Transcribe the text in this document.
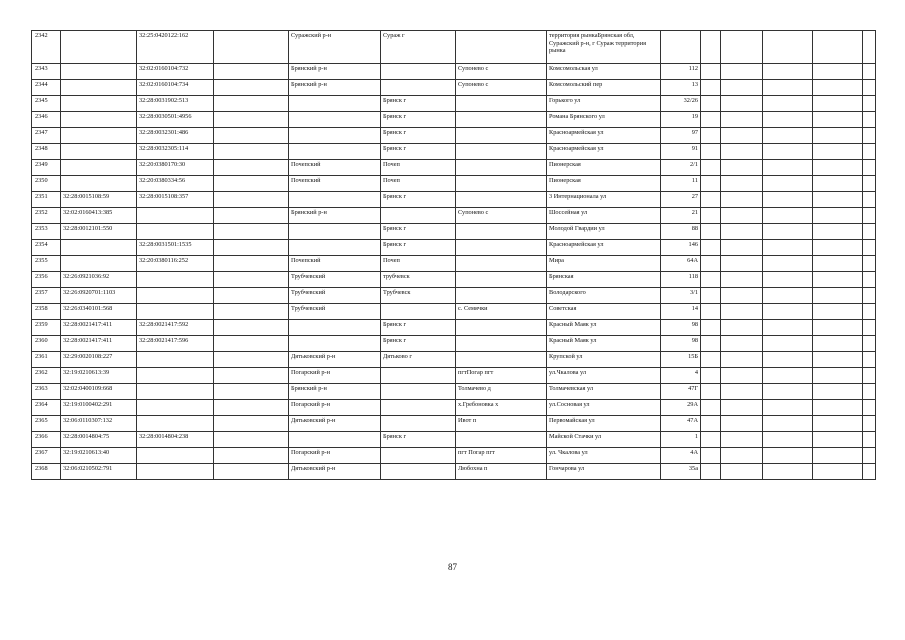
2342		32:25:0420122:162		Суражский р-н	Сураж г		территория рынкаБрянская обл, Суражский р-н, г Сураж территория рынка						
2343		32:02:0160104:732		Брянский р-н		Супонево с	Комсомольская ул	112					
2344		32:02:0160104:734		Брянский р-н		Супонево с	Комсомольский пер	13					
2345		32:28:0031902:513			Брянск г		Горького ул	32/26					
2346		32:28:0030501:4956			Брянск г		Романа Брянского ул	19					
2347		32:28:0032301:486			Брянск г		Красноармейская ул	97					
2348		32:28:0032305:114			Брянск г		Красноармейская ул	91					
2349		32:20:0380170:30		Почепский	Почеп		Пионерская	2/1					
2350		32:20:0380334:56		Почепский	Почеп		Пионерская	11					
2351	32:28:0015108:59	32:28:0015108:357			Брянск г		3 Интернационала ул	27					
2352	32:02:0160413:385			Брянский р-н		Супонево с	Шоссейная ул	21					
2353	32:28:0012101:550				Брянск г		Молодой Гвардии ул	88					
2354		32:28:0031501:1535			Брянск г		Красноармейская ул	146					
2355		32:20:0380116:252		Почепский	Почеп		Мира	64А					
2356	32:26:0921036:92			Трубчевский	трубчевск		Брянская	118					
2357	32:26:0920701:1103			Трубчевский	Трубчевск		Володарского	3/1					
2358	32:26:0340101:568			Трубчевский		с. Семячки	Советская	14					
2359	32:28:0021417:411	32:28:0021417:592			Брянск г		Красный Маяк ул	98					
2360	32:28:0021417:411	32:28:0021417:596			Брянск г		Красный Маяк ул	98					
2361	32:29:0020108:227			Дятьковский р-н	Дятьково г		Крупской ул	15Б					
2362	32:19:0210613:39			Погарский р-н		пгтПогар пгт	ул.Чкалова ул	4					
2363	32:02:0400109:668			Брянский р-н		Толмачево д	Толмачевская ул	47Г					
2364	32:19:0100402:291			Погарский р-н		х.Гребоновка х	ул.Сосновая ул	29А					
2365	32:06:0110307:132			Дятьковский р-н		Ивот п	Первомайская ул	47А					
2366	32:28:0014804:75	32:28:0014804:238			Брянск г		Майской Стачки ул	1					
2367	32:19:0210613:40			Погарский р-н		пгт Погар пгт	ул. Чкалова ул	4А					
2368	32:06:0210502:791			Дятьковский р-н		Любохна п	Гончарова ул	35а					
87
